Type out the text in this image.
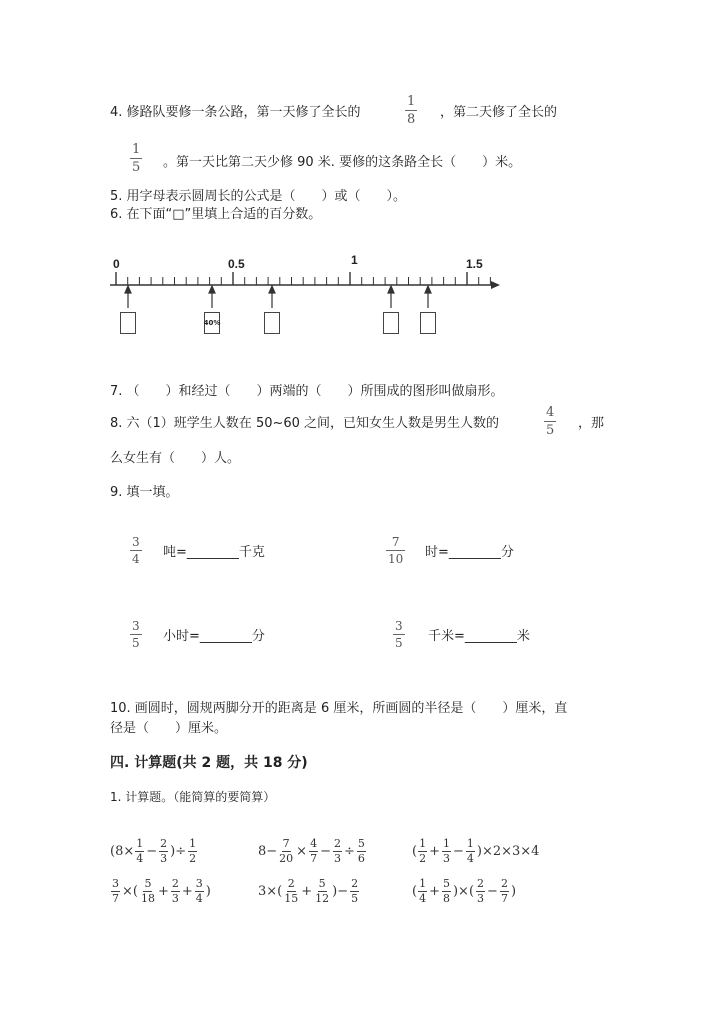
4. 修路队要修一条公路，第一天修了全长的	$\frac{1}{8}$ ，第二天修了全长的
$\frac{1}{5}$ 。第一天比第二天少修 90 米. 要修的这条路全长（　　）米。
5. 用字母表示圆周长的公式是（　　）或（　　）。
6. 在下面“□”里填上合适的百分数。
0	0.5	1	1.5
40%
7. （　　）和经过（　　）两端的（　　）所围成的图形叫做扇形。
8. 六（1）班学生人数在 50~60 之间，已知女生人数是男生人数的	$\frac{4}{5}$ ，那
么女生有（　　）人。
9. 填一填。
$\frac{3}{4}$ 吨=________千克	$\frac{7}{10}$ 时=________分
$\frac{3}{5}$ 小时=________分	$\frac{3}{5}$ 千米=________米
10. 画圆时，圆规两脚分开的距离是 6 厘米，所画圆的半径是（　　）厘米，直
径是（　　）厘米。
四. 计算题(共 2 题，共 18 分)
1. 计算题。（能简算的要简算）
($8\times \frac{1}{4} - \frac{2}{3}$ )÷ $\frac{1}{2}$	$8- \frac{7}{20} \times \frac{4}{7} - \frac{2}{3} \div \frac{5}{6}$	( $\frac{1}{2} + \frac{1}{3} - \frac{1}{4} )\times 2\times 3\times 4$
$\frac{3}{7}$ ×( $\frac{5}{18} + \frac{2}{3} + \frac{3}{4}$ )	$3\times( \frac{2}{15} + \frac{5}{12}$ )− $\frac{2}{5}$	( $\frac{1}{4} + \frac{5}{8}$ )×( $\frac{2}{3} - \frac{2}{7}$ )
